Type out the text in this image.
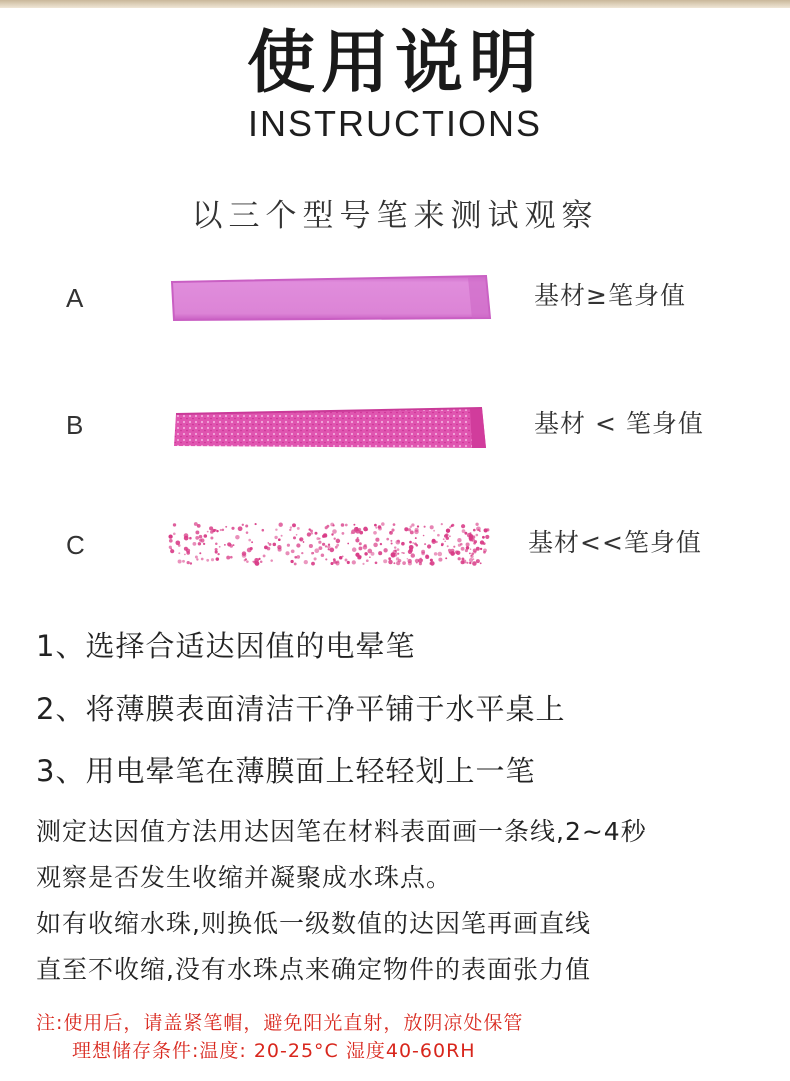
使用说明
INSTRUCTIONS
以三个型号笔来测试观察
A	基材≥笔身值
B	基材 < 笔身值
C	基材<<笔身值
1、选择合适达因值的电晕笔
2、将薄膜表面清洁干净平铺于水平桌上
3、用电晕笔在薄膜面上轻轻划上一笔
测定达因值方法用达因笔在材料表面画一条线,2~4秒
观察是否发生收缩并凝聚成水珠点。
如有收缩水珠,则换低一级数值的达因笔再画直线
直至不收缩,没有水珠点来确定物件的表面张力值
注:使用后，请盖紧笔帽，避免阳光直射，放阴凉处保管
理想储存条件:温度: 20-25°C 湿度40-60RH
